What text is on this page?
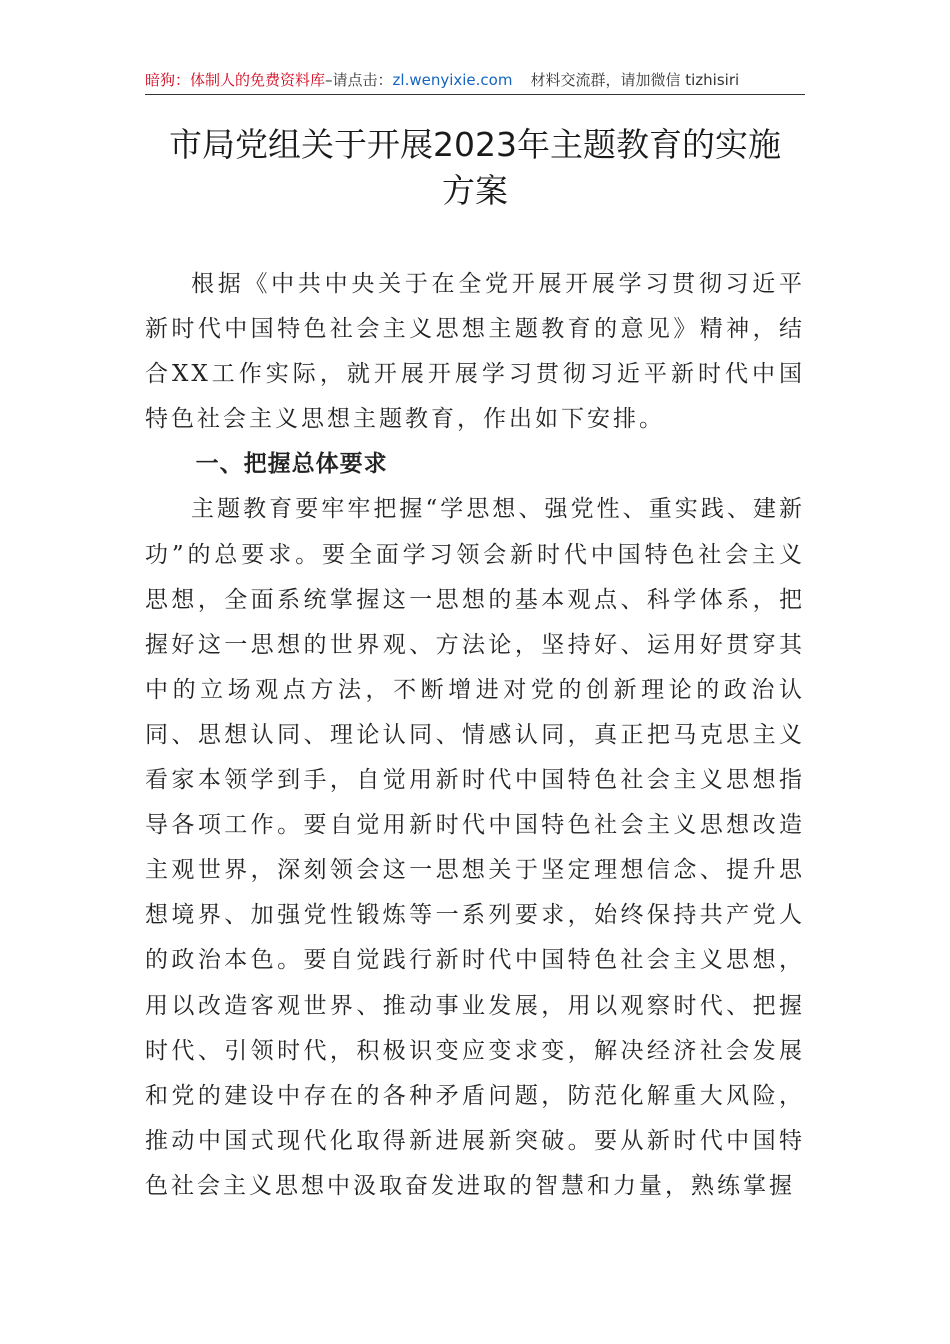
暗狗：体制人的免费资料库–请点击：zl.wenyixie.com 材料交流群，请加微信 tizhisiri
市局党组关于开展2023年主题教育的实施
方案

根据《中共中央关于在全党开展开展学习贯彻习近平新时代中国特色社会主义思想主题教育的意见》精神，结合XX工作实际，就开展开展学习贯彻习近平新时代中国特色社会主义思想主题教育，作出如下安排。

一、把握总体要求

主题教育要牢牢把握“学思想、强党性、重实践、建新功”的总要求。要全面学习领会新时代中国特色社会主义思想，全面系统掌握这一思想的基本观点、科学体系，把握好这一思想的世界观、方法论，坚持好、运用好贯穿其中的立场观点方法，不断增进对党的创新理论的政治认同、思想认同、理论认同、情感认同，真正把马克思主义看家本领学到手，自觉用新时代中国特色社会主义思想指导各项工作。要自觉用新时代中国特色社会主义思想改造主观世界，深刻领会这一思想关于坚定理想信念、提升思想境界、加强党性锻炼等一系列要求，始终保持共产党人的政治本色。要自觉践行新时代中国特色社会主义思想，用以改造客观世界、推动事业发展，用以观察时代、把握时代、引领时代，积极识变应变求变，解决经济社会发展和党的建设中存在的各种矛盾问题，防范化解重大风险，推动中国式现代化取得新进展新突破。要从新时代中国特色社会主义思想中汲取奋发进取的智慧和力量，熟练掌握
